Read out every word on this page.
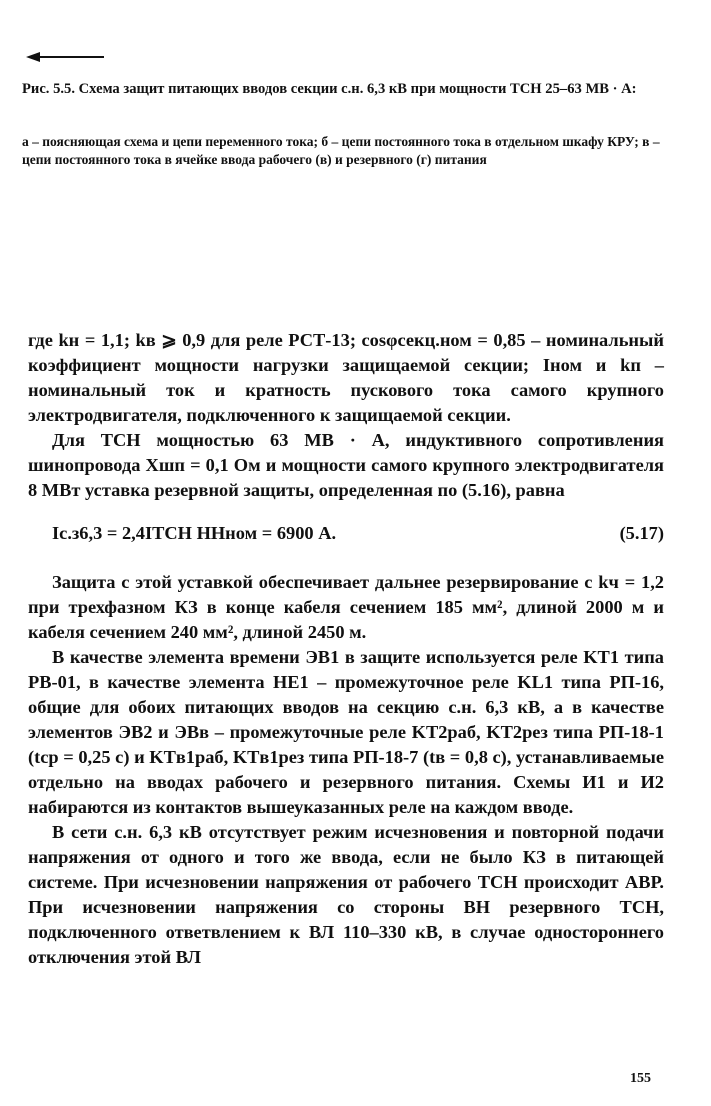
Рис. 5.5. Схема защит питающих вводов секции с.н. 6,3 кВ при мощности ТСН 25–63 МВ · А:
а – поясняющая схема и цепи переменного тока; б – цепи постоянного тока в отдельном шкафу КРУ; в – цепи постоянного тока в ячейке ввода рабочего (в) и резервного (г) питания

где kн = 1,1; kв ⩾ 0,9 для реле РСТ-13; cosφсекц.ном = 0,85 – номинальный коэффициент мощности нагрузки защищаемой секции; Iном и kп – номинальный ток и кратность пускового тока самого крупного электродвигателя, подключенного к защищаемой секции.

Для ТСН мощностью 63 МВ · А, индуктивного сопротивления шинопровода Xшп = 0,1 Ом и мощности самого крупного электродвигателя 8 МВт уставка резервной защиты, определенная по (5.16), равна

Iс.з6,3 = 2,4IТСН ННном = 6900 А.	(5.17)

Защита с этой уставкой обеспечивает дальнее резервирование с kч = 1,2 при трехфазном КЗ в конце кабеля сечением 185 мм², длиной 2000 м и кабеля сечением 240 мм², длиной 2450 м.

В качестве элемента времени ЭВ1 в защите используется реле KT1 типа РВ-01, в качестве элемента НЕ1 – промежуточное реле KL1 типа РП-16, общие для обоих питающих вводов на секцию с.н. 6,3 кВ, а в качестве элементов ЭВ2 и ЭВв – промежуточные реле KT2раб, KT2рез типа РП-18-1 (tср = 0,25 с) и KTв1раб, KTв1рез типа РП-18-7 (tв = 0,8 с), устанавливаемые отдельно на вводах рабочего и резервного питания. Схемы И1 и И2 набираются из контактов вышеуказанных реле на каждом вводе.

В сети с.н. 6,3 кВ отсутствует режим исчезновения и повторной подачи напряжения от одного и того же ввода, если не было КЗ в питающей системе. При исчезновении напряжения от рабочего ТСН происходит АВР. При исчезновении напряжения со стороны ВН резервного ТСН, подключенного ответвлением к ВЛ 110–330 кВ, в случае одностороннего отключения этой ВЛ

155
